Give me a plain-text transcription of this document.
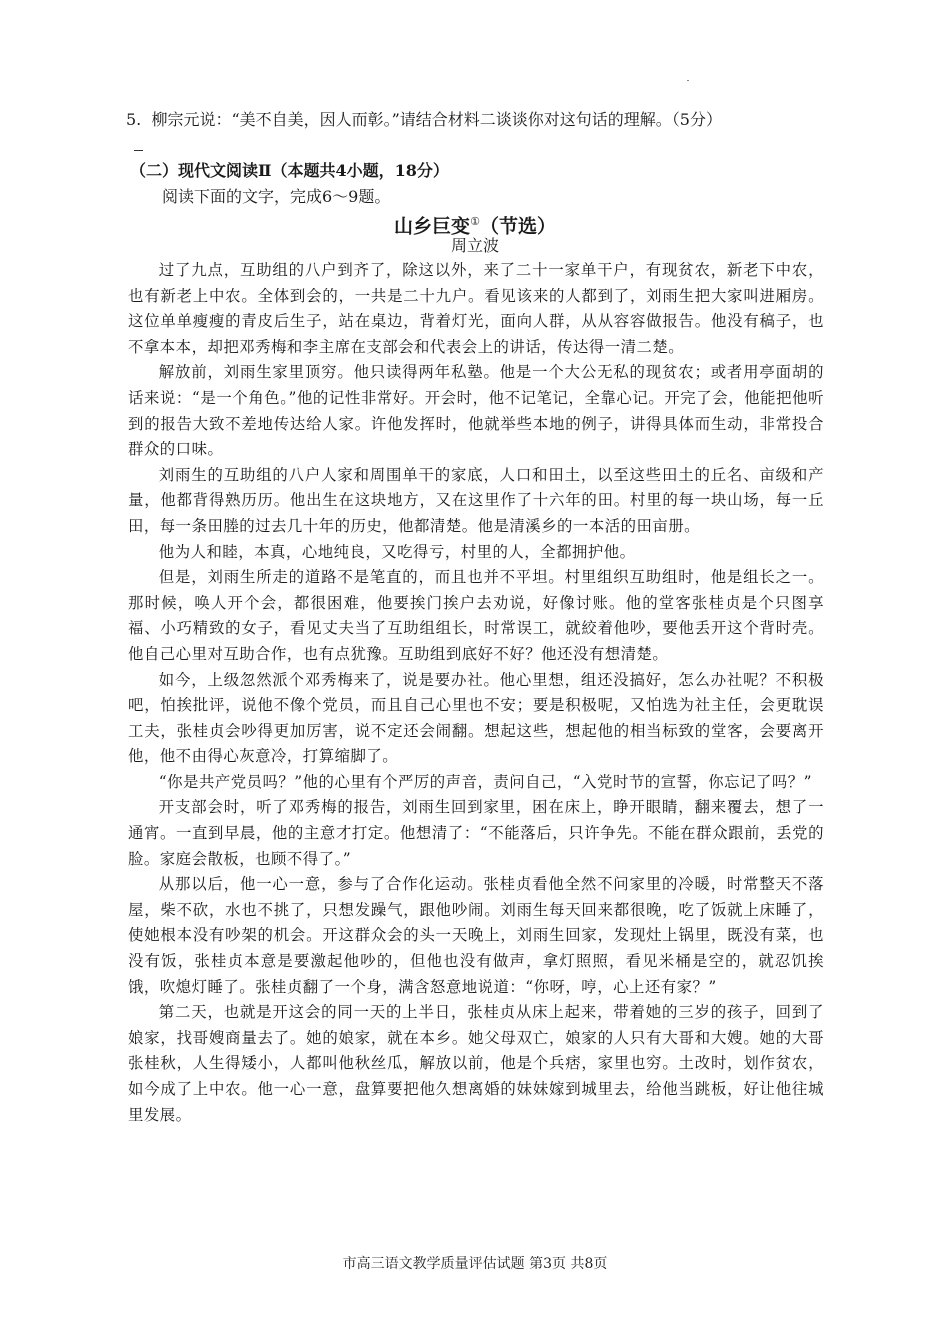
5. 柳宗元说：“美不自美，因人而彰。”请结合材料二谈谈你对这句话的理解。（5分）
（二）现代文阅读Ⅱ（本题共4小题，18分）
阅读下面的文字，完成6～9题。
山乡巨变①（节选）
周立波

过了九点，互助组的八户到齐了，除这以外，来了二十一家单干户，有现贫农，新老下中农，也有新老上中农。全体到会的，一共是二十九户。看见该来的人都到了，刘雨生把大家叫进厢房。这位单单瘦瘦的青皮后生子，站在桌边，背着灯光，面向人群，从从容容做报告。他没有稿子，也不拿本本，却把邓秀梅和李主席在支部会和代表会上的讲话，传达得一清二楚。

解放前，刘雨生家里顶穷。他只读得两年私塾。他是一个大公无私的现贫农；或者用亭面胡的话来说：“是一个角色。”他的记性非常好。开会时，他不记笔记，全靠心记。开完了会，他能把他听到的报告大致不差地传达给人家。许他发挥时，他就举些本地的例子，讲得具体而生动，非常投合群众的口味。

刘雨生的互助组的八户人家和周围单干的家底，人口和田土，以至这些田土的丘名、亩级和产量，他都背得熟历历。他出生在这块地方，又在这里作了十六年的田。村里的每一块山场，每一丘田，每一条田塍的过去几十年的历史，他都清楚。他是清溪乡的一本活的田亩册。

他为人和睦，本真，心地纯良，又吃得亏，村里的人，全都拥护他。

但是，刘雨生所走的道路不是笔直的，而且也并不平坦。村里组织互助组时，他是组长之一。那时候，唤人开个会，都很困难，他要挨门挨户去劝说，好像讨账。他的堂客张桂贞是个只图享福、小巧精致的女子，看见丈夫当了互助组组长，时常误工，就絞着他吵，要他丢开这个背时壳。他自己心里对互助合作，也有点犹豫。互助组到底好不好？他还没有想清楚。

如今，上级忽然派个邓秀梅来了，说是要办社。他心里想，组还没搞好，怎么办社呢？不积极吧，怕挨批评，说他不像个党员，而且自己心里也不安；要是积极呢，又怕选为社主任，会更耽误工夫，张桂贞会吵得更加厉害，说不定还会闹翻。想起这些，想起他的相当标致的堂客，会要离开他，他不由得心灰意冷，打算缩脚了。

“你是共产党员吗？”他的心里有个严厉的声音，责问自己，“入党时节的宣誓，你忘记了吗？”

开支部会时，听了邓秀梅的报告，刘雨生回到家里，困在床上，睁开眼睛，翻来覆去，想了一通宵。一直到早晨，他的主意才打定。他想清了：“不能落后，只许争先。不能在群众跟前，丢党的脸。家庭会散板，也顾不得了。”

从那以后，他一心一意，参与了合作化运动。张桂贞看他全然不问家里的冷暖，时常整天不落屋，柴不砍，水也不挑了，只想发躁气，跟他吵闹。刘雨生每天回来都很晚，吃了饭就上床睡了，使她根本没有吵架的机会。开这群众会的头一天晚上，刘雨生回家，发现灶上锅里，既没有菜，也没有饭，张桂贞本意是要激起他吵的，但他也没有做声，拿灯照照，看见米桶是空的，就忍饥挨饿，吹熄灯睡了。张桂贞翻了一个身，满含怒意地说道：“你呀，哼，心上还有家？”

第二天，也就是开这会的同一天的上半日，张桂贞从床上起来，带着她的三岁的孩子，回到了娘家，找哥嫂商量去了。她的娘家，就在本乡。她父母双亡，娘家的人只有大哥和大嫂。她的大哥张桂秋，人生得矮小，人都叫他秋丝瓜，解放以前，他是个兵痞，家里也穷。土改时，划作贫农，如今成了上中农。他一心一意，盘算要把他久想离婚的妹妹嫁到城里去，给他当跳板，好让他往城里发展。

市高三语文教学质量评估试题 第3页 共8页
